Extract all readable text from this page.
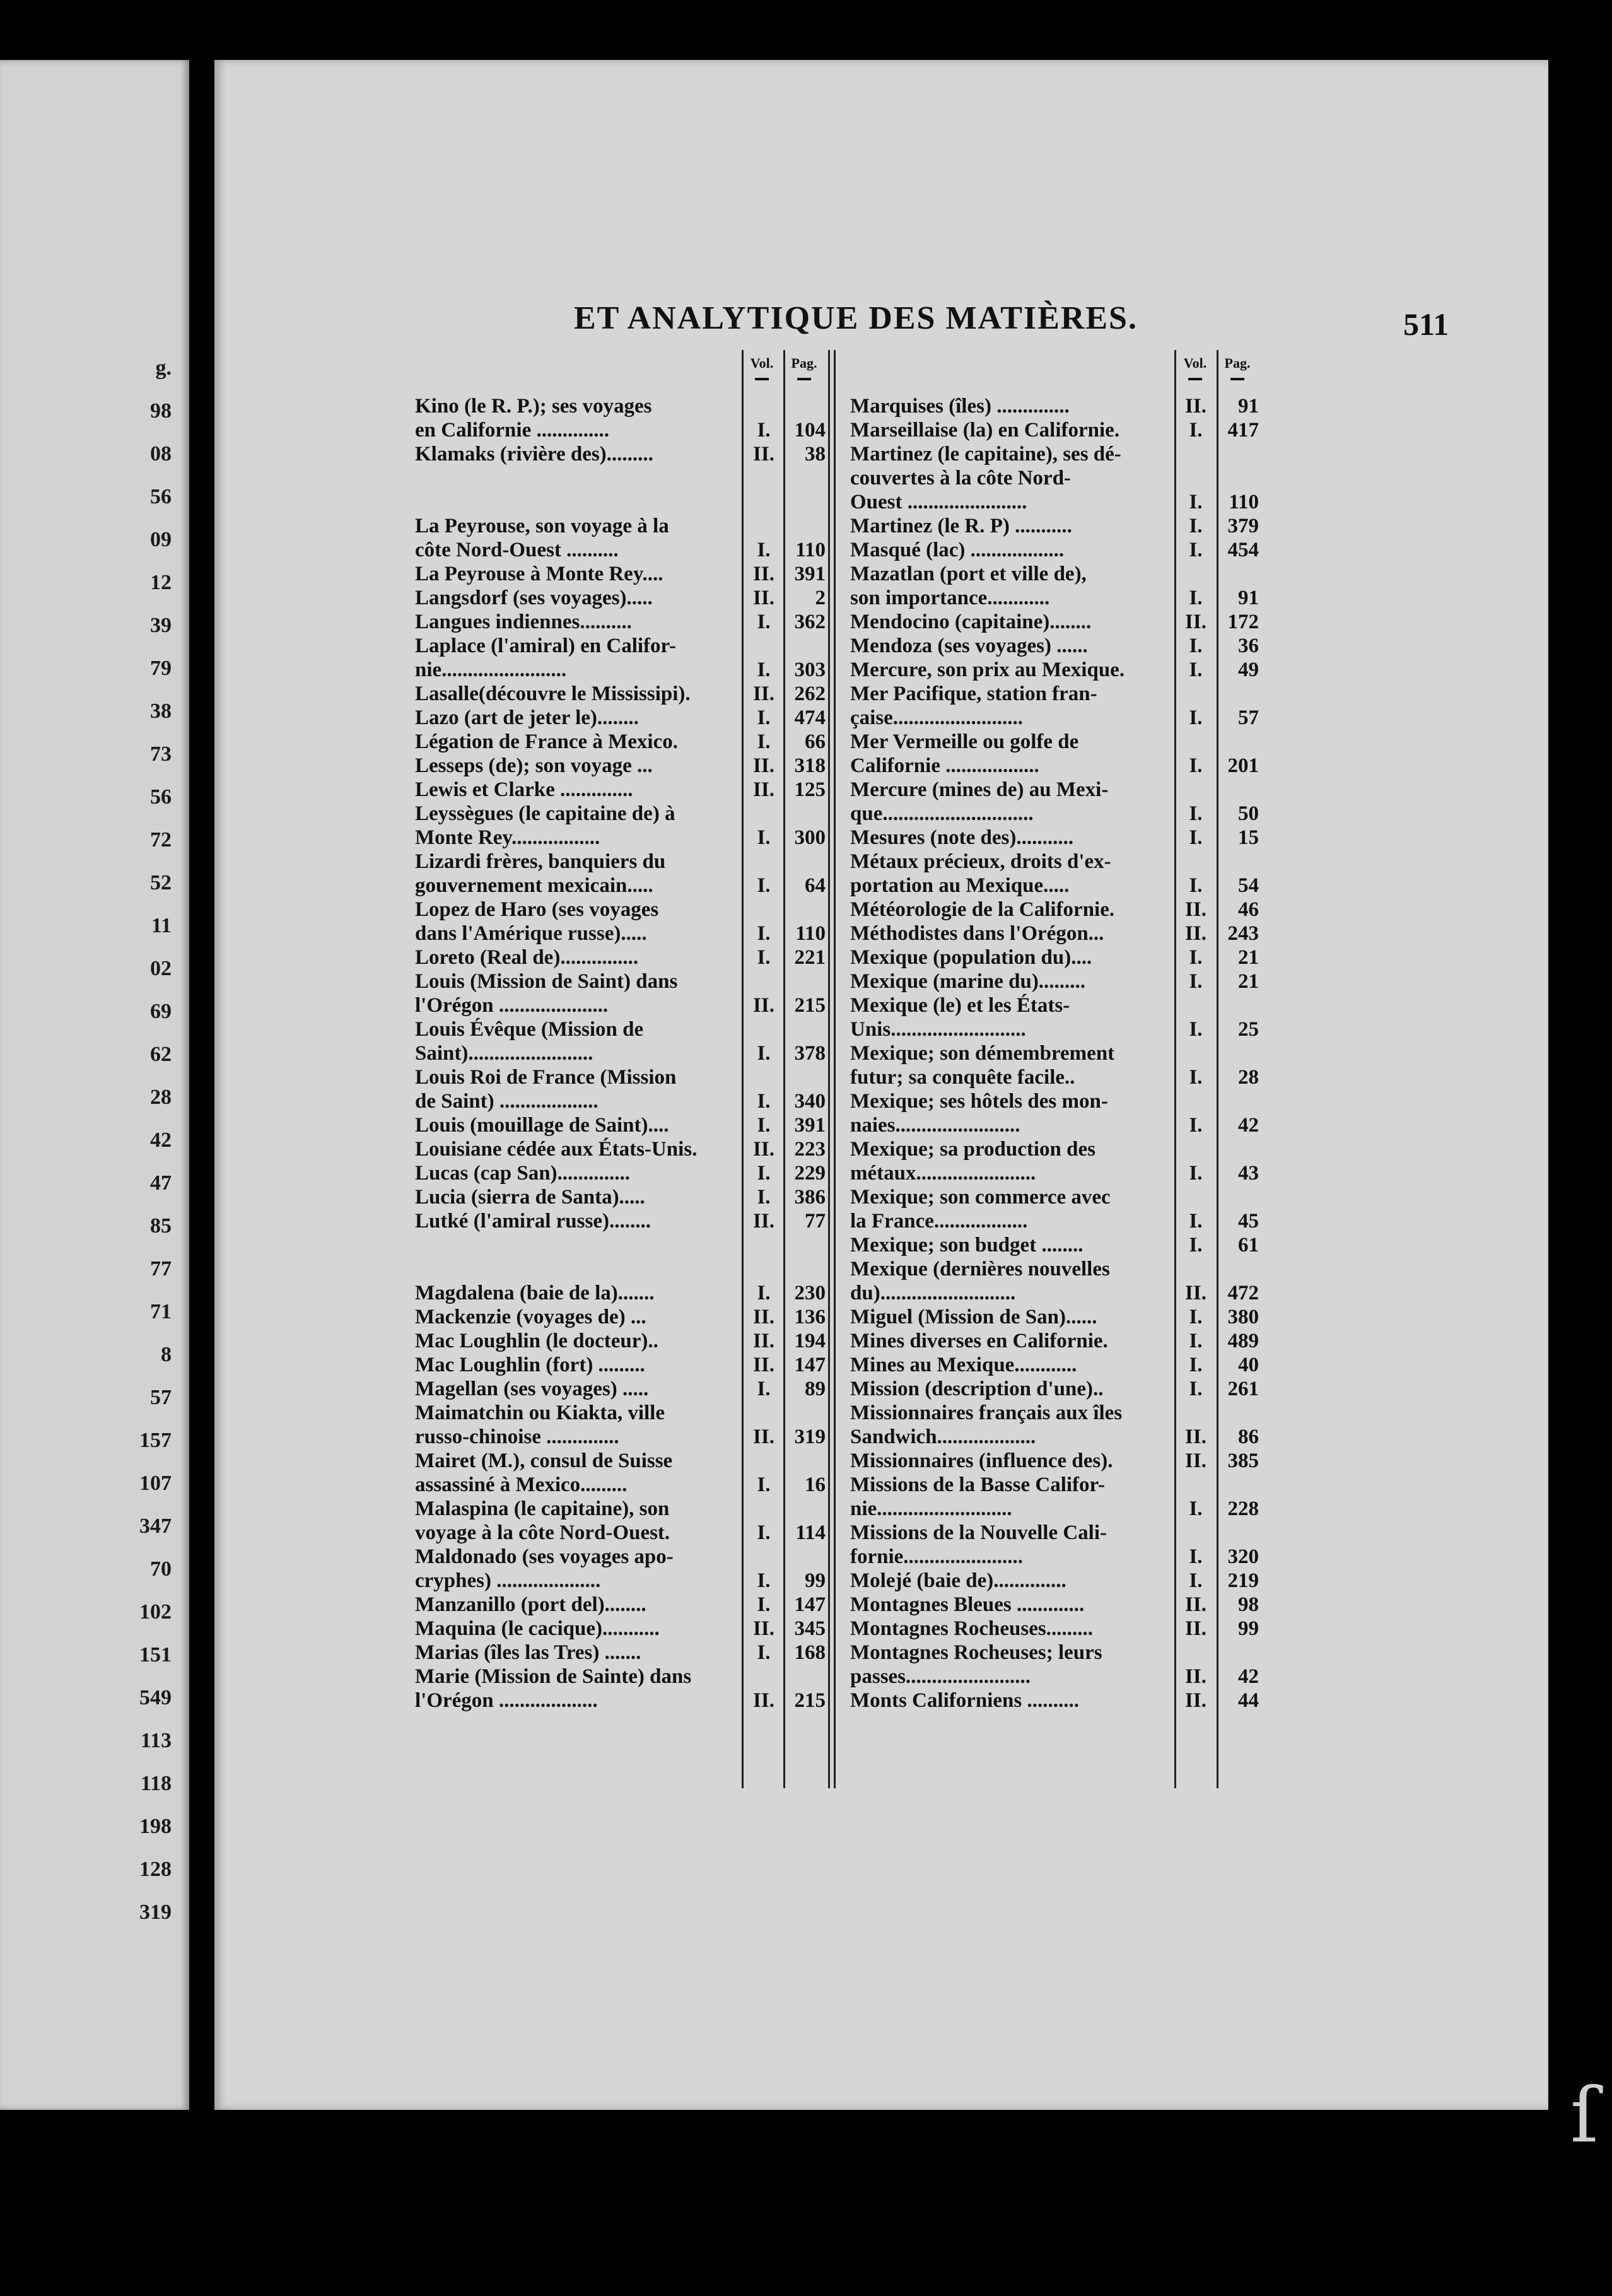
g.
98
08
56
09
12
39
79
38
73
56
72
52
11
02
69
62
28
42
47
85
77
71
8
57
157
107
347
70
102
151
549
113
118
198
128
319
ET ANALYTIQUE DES MATIÈRES.	511
Vol.	Pag.	Vol.	Pag.
Kino (le R. P.); ses voyages
en Californie ..............	I.	104
Klamaks (rivière des).........	II.	38
La Peyrouse, son voyage à la
côte Nord-Ouest ..........	I.	110
La Peyrouse à Monte Rey....	II. 391
Langsdorf (ses voyages).....	II.	2
Langues indiennes..........	I.	362
Laplace (l'amiral) en Califor-
nie........................	I.	303
Lasalle(découvre le Mississipi).	II. 262
Lazo (art de jeter le)........	I.	474
Légation de France à Mexico.	I.	66
Lesseps (de); son voyage ...	II. 318
Lewis et Clarke ..............	II. 125
Leyssègues (le capitaine de) à
Monte Rey.................	I.	300
Lizardi frères, banquiers du
gouvernement mexicain.....	I.	64
Lopez de Haro (ses voyages
dans l'Amérique russe).....	I.	110
Loreto (Real de)...............	I.	221
Louis (Mission de Saint) dans
l'Orégon .....................	II. 215
Louis Évêque (Mission de
Saint)........................	I.	378
Louis Roi de France (Mission
de Saint) ...................	I.	340
Louis (mouillage de Saint)....	I.	391
Louisiane cédée aux États-Unis.	II. 223
Lucas (cap San)..............	I.	229
Lucia (sierra de Santa).....	I.	386
Lutké (l'amiral russe)........	II.	77
Magdalena (baie de la).......	I.	230
Mackenzie (voyages de) ...	II. 136
Mac Loughlin (le docteur)..	II. 194
Mac Loughlin (fort) .........	II. 147
Magellan (ses voyages) .....	I.	89
Maimatchin ou Kiakta, ville
russo-chinoise ..............	II. 319
Mairet (M.), consul de Suisse
assassiné à Mexico.........	I.	16
Malaspina (le capitaine), son
voyage à la côte Nord-Ouest.	I.	114
Maldonado (ses voyages apo-
cryphes) ....................	I.	99
Manzanillo (port del)........	I.	147
Maquina (le cacique)...........	II. 345
Marias (îles las Tres) .......	I.	168
Marie (Mission de Sainte) dans
l'Orégon ...................	II. 215
Marquises (îles) ..............	II.	91
Marseillaise (la) en Californie.	I.	417
Martinez (le capitaine), ses dé-
couvertes à la côte Nord-
Ouest .......................	I.	110
Martinez (le R. P) ...........	I.	379
Masqué (lac) ..................	I.	454
Mazatlan (port et ville de),
son importance............	I.	91
Mendocino (capitaine)........	II.	172
Mendoza (ses voyages) ......	I.	36
Mercure, son prix au Mexique.	I.	49
Mer Pacifique, station fran-
çaise.........................	I.	57
Mer Vermeille ou golfe de
Californie ..................	I.	201
Mercure (mines de) au Mexi-
que.............................	I.	50
Mesures (note des)...........	I.	15
Métaux précieux, droits d'ex-
portation au Mexique.....	I.	54
Météorologie de la Californie.	II.	46
Méthodistes dans l'Orégon...	II.	243
Mexique (population du)....	I.	21
Mexique (marine du).........	I.	21
Mexique (le) et les États-
Unis..........................	I.	25
Mexique; son démembrement
futur; sa conquête facile..	I.	28
Mexique; ses hôtels des mon-
naies........................	I.	42
Mexique; sa production des
métaux.......................	I.	43
Mexique; son commerce avec
la France..................	I.	45
Mexique; son budget ........	I.	61
Mexique (dernières nouvelles
du)..........................	II.	472
Miguel (Mission de San)......	I.	380
Mines diverses en Californie.	I.	489
Mines au Mexique............	I.	40
Mission (description d'une)..	I.	261
Missionnaires français aux îles
Sandwich...................	II.	86
Missionnaires (influence des).	II.	385
Missions de la Basse Califor-
nie..........................	I.	228
Missions de la Nouvelle Cali-
fornie.......................	I.	320
Molejé (baie de)..............	I.	219
Montagnes Bleues .............	II.	98
Montagnes Rocheuses.........	II.	99
Montagnes Rocheuses; leurs
passes........................	II.	42
Monts Californiens ..........	II.	44
ſ
